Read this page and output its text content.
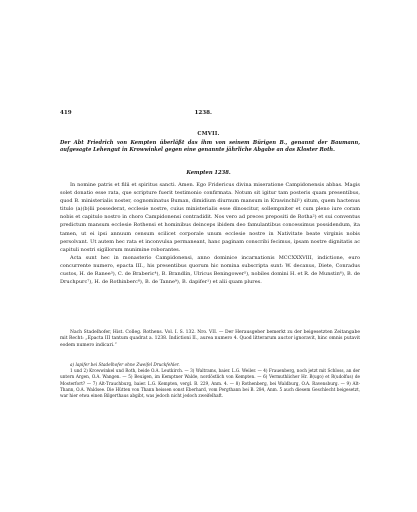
419	1238.
CMVII.
Der Abt Friedrich von Kempten überläßt das ihm von seinem Bürigen B., genannt der Baumann, aufgesagte Lehengut in Krowwinkel gegen eine genannte jährliche Abgabe an das Kloster Roth.
Kempten 1238.

In nomine patris et filii et spiritus sancti. Amen. Ego Fridericus divina miseratione Campidonensis abbas. Magis solet donatio esse rata, que scripture fuerit testimonio confirmata. Notum sit igitur tam posteris quam presentibus, quod B. ministerialis noster, cognominatus Buman, dimidium diurnum mansum in Krawinchil¹) situm, quem hactenus titulo (a)(b)lii possederat, ecclesie nostre, cuius ministerialis esse dinoscitur, sollempniter et cum pleno iure coram nobis et capitulo nostro in choro Campidonensi contradidit. Nos vero ad preces prepositi de Rotha²) et sui conventus predictum mansum ecclesie Rothensi et hominibus deinceps ibidem deo famulantibus concessimus possidendum, ita tamen, ut ei ipsi annuum censum scilicet corporale unum ecclesie nostre in Nativitate beate virginis nobis persolvant. Ut autem hec rata et inconvulsa permaneant, hanc paginam conscribi fecimus, ipsam nostre dignitatis ac capituli nostri sigillorum munimine roborantes.

Acta sunt hec in monasterio Campidonensi, anno dominice incarnationis MCCXXXVIII, indictione, euro concurrente numero, epacta III., his presentibus quorum hic nomina subscripta sunt: W. decanus, Diete, Conradus custos, H. de Ranee³), C. de Braberic⁴), B. Brandlin, Ulricus Beningower⁵), nobiles domini H. et R. de Munstin⁶), B. de Druchpurc⁷), H. de Rothinberc⁸), B. de Tanne⁹), B. dapifer¹) et alii quam plures.

Nach Stadelhofer, Hist. Colleg. Rothens. Vol. I. S. 132. Nro. VII. — Der Herausgeber bemerkt zu der beigesetzten Zeitangabe mit Recht: „Epacta III tantum quadrat a. 1238. Indictioni II., aurea numero 4. Quod litterarum auctor ignoravit, hinc omnis putavit eodem numero indicari.“

a) lapifer bei Stadelhofer ohne Zweifel Druckfehler.

1 und 2) Krowwinkel und Roth, beide O.A. Leutkirch. — 3) Waltrams, baier. L.G. Weiler. — 4) Frauenberg, noch jetzt mit Schloss, an der untern Argen, O.A. Wangen. — 5) Beuigen, im Kemptner Walde, nordöstlich von Kempten. — 6) Vermuthlicher Hr. B(ugo) et R(udolfus) de Mosterfort? — 7) Alt-Trauchburg, baier. L.G. Kempten, vergl. B. 229, Anm. 4. — 8) Rothenberg, bei Waldburg, O.A. Ravensburg. — 9) Alt-Thann, O.A. Waldsee. Die Hütten von Thann heissen sonst Eberhard, vom Pergthann bei B. 284, Anm. 5 auch diesem Geschlecht beigesetzt, war hier etwa einen Bilgerthaus abgibt, was jedoch nicht jedoch zweifelhaft.
